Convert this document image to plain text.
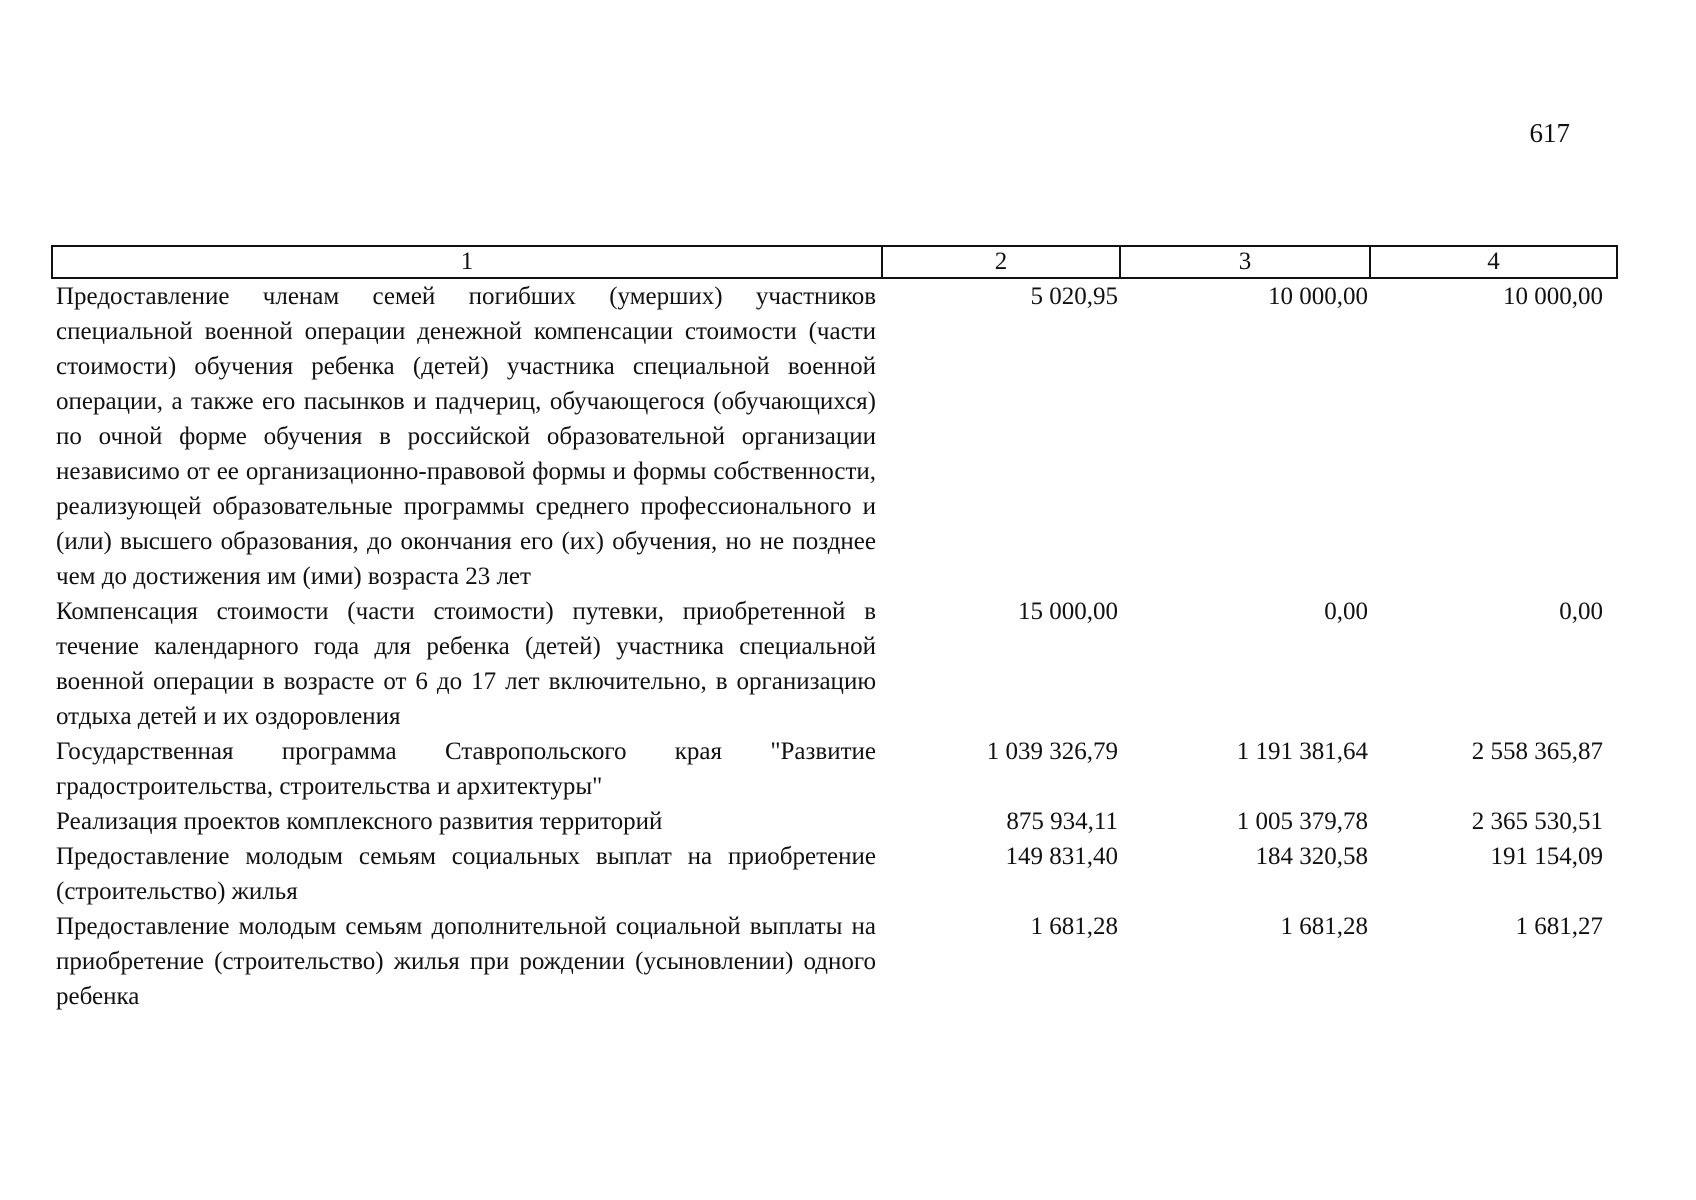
617
1	2	3	4
Предоставление членам семей погибших (умерших) участников специальной военной операции денежной компенсации стоимости (части стоимости) обучения ребенка (детей) участника специальной военной операции, а также его пасынков и падчериц, обучающегося (обучающихся) по очной форме обучения в российской образовательной организации независимо от ее организационно-правовой формы и формы собственности, реализующей образовательные программы среднего профессионального и (или) высшего образования, до окончания его (их) обучения, но не позднее чем до достижения им (ими) возраста 23 лет	5 020,95	10 000,00	10 000,00
Компенсация стоимости (части стоимости) путевки, приобретенной в течение календарного года для ребенка (детей) участника специальной военной операции в возрасте от 6 до 17 лет включительно, в организацию отдыха детей и их оздоровления	15 000,00	0,00	0,00
Государственная программа Ставропольского края "Развитие градостроительства, строительства и архитектуры"	1 039 326,79	1 191 381,64	2 558 365,87
Реализация проектов комплексного развития территорий	875 934,11	1 005 379,78	2 365 530,51
Предоставление молодым семьям социальных выплат на приобретение (строительство) жилья	149 831,40	184 320,58	191 154,09
Предоставление молодым семьям дополнительной социальной выплаты на приобретение (строительство) жилья при рождении (усыновлении) одного ребенка	1 681,28	1 681,28	1 681,27
